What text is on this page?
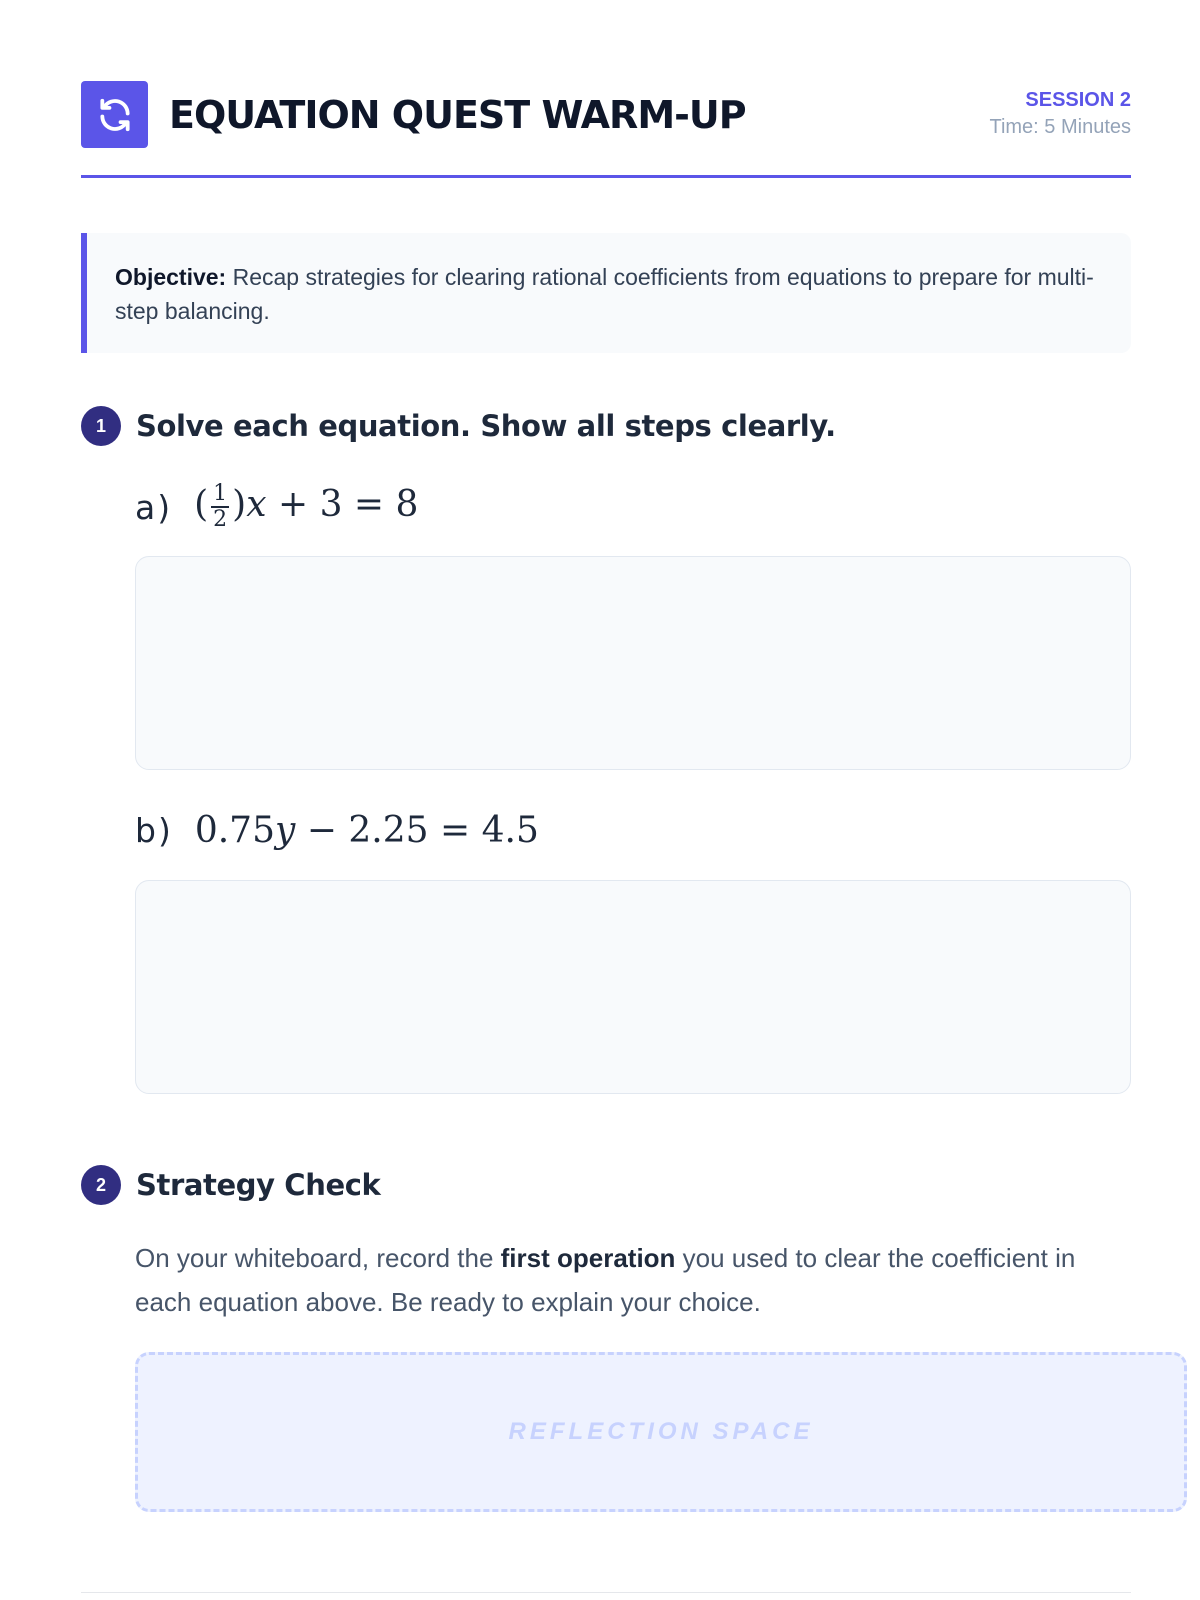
EQUATION QUEST WARM-UP	SESSION 2
Time: 5 Minutes
Objective: Recap strategies for clearing rational coefficients from equations to prepare for multi-step balancing.
1	Solve each equation. Show all steps clearly.
a) ( $\frac{1}{2} )x + 3 = 8$
b) 0.75y − 2.25 = 4.5
2	Strategy Check
On your whiteboard, record the first operation you used to clear the coefficient in each equation above. Be ready to explain your choice.
REFLECTION SPACE
